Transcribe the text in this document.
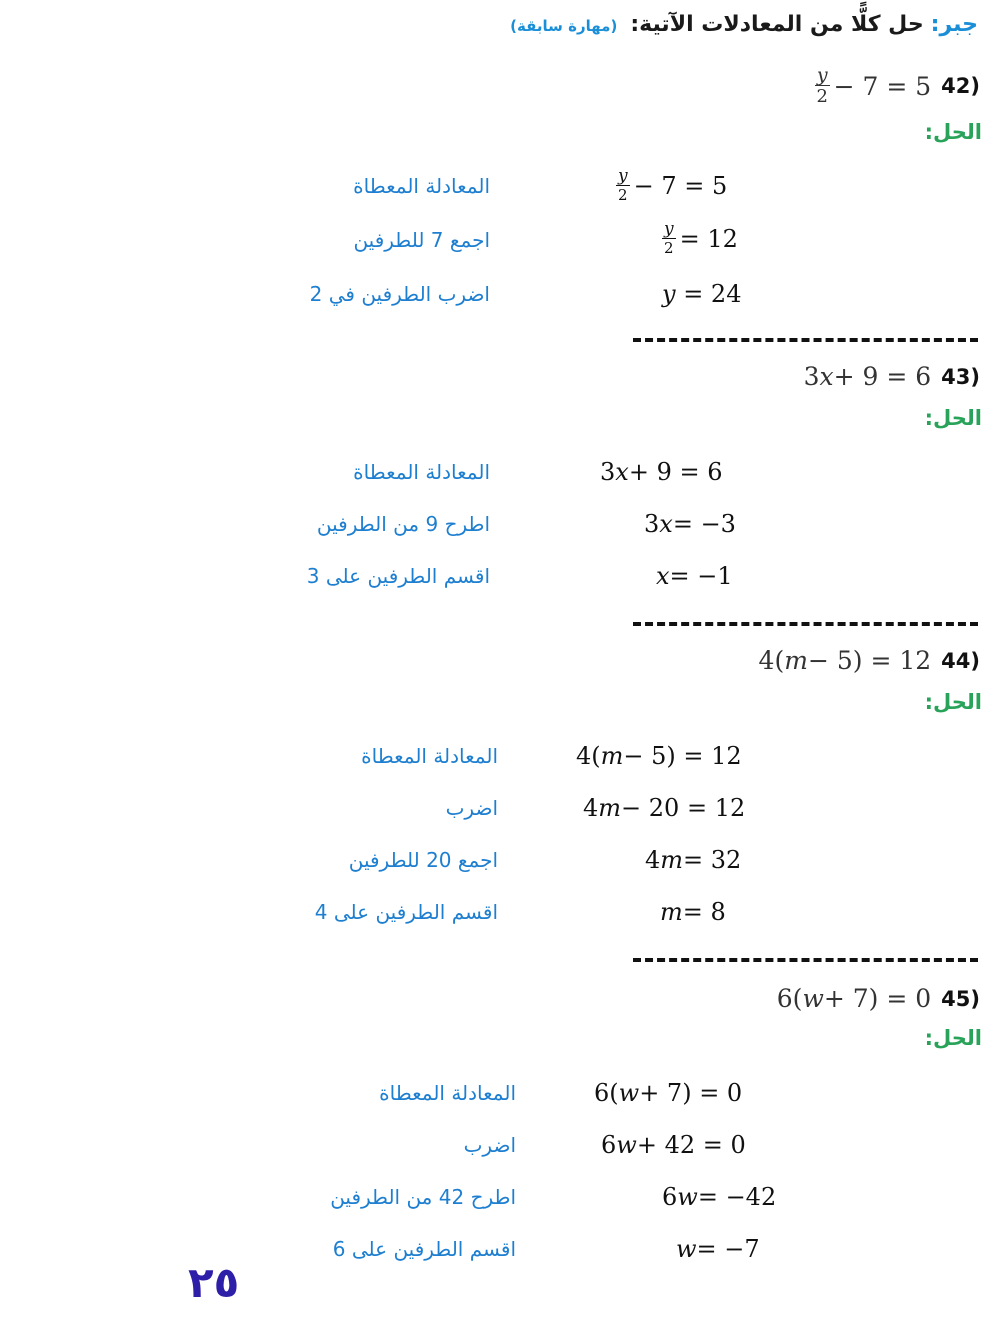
جبر: حل كلًّا من المعادلات الآتية: (مهارة سابقة)
(42
$\frac{y}{2} - 7 = 5$
الحل:
المعادلة المعطاة	$\frac{y}{2} - 7 = 5$
اجمع 7 للطرفين	$\frac{y}{2} = 12$
اضرب الطرفين في 2	y = 24
(43
3 x + 9 = 6
الحل:
المعادلة المعطاة	3 x + 9 = 6
اطرح 9 من الطرفين	3 x = −3
اقسم الطرفين على 3	x = −1
(44
4( m − 5) = 12
الحل:
المعادلة المعطاة	4( m − 5) = 12
اضرب	4 m − 20 = 12
اجمع 20 للطرفين	4 m = 32
اقسم الطرفين على 4	m = 8
(45
6( w + 7) = 0
الحل:
المعادلة المعطاة	6( w + 7) = 0
اضرب	6 w + 42 = 0
اطرح 42 من الطرفين	6 w = −42
اقسم الطرفين على 6	w = −7
٢٥
